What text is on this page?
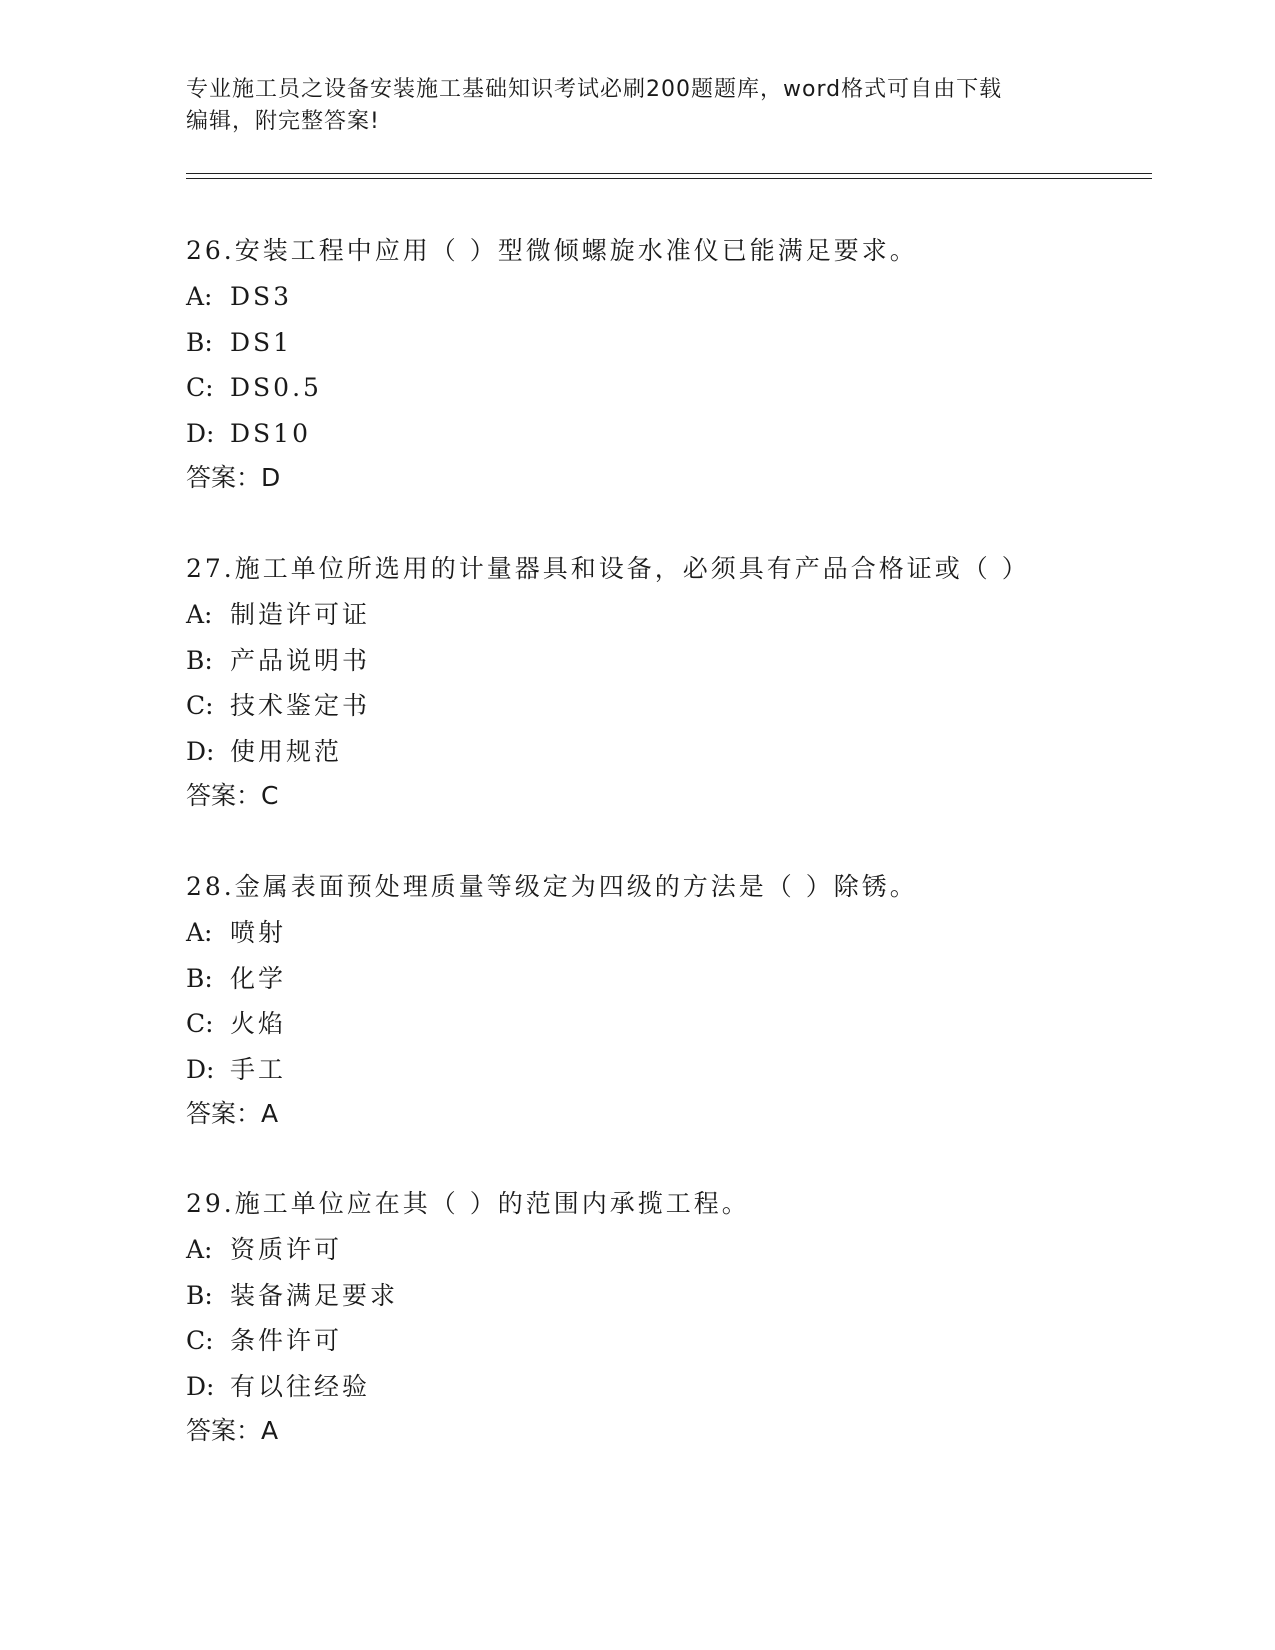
专业施工员之设备安装施工基础知识考试必刷200题题库，word格式可自由下载

编辑，附完整答案!

26.安装工程中应用（ ）型微倾螺旋水准仪已能满足要求。
A: DS3
B: DS1
C: DS0.5
D: DS10
答案：D
27.施工单位所选用的计量器具和设备，必须具有产品合格证或（ ）
A: 制造许可证
B: 产品说明书
C: 技术鉴定书
D: 使用规范
答案：C
28.金属表面预处理质量等级定为四级的方法是（ ）除锈。
A: 喷射
B: 化学
C: 火焰
D: 手工
答案：A
29.施工单位应在其（ ）的范围内承揽工程。
A: 资质许可
B: 装备满足要求
C: 条件许可
D: 有以往经验
答案：A
